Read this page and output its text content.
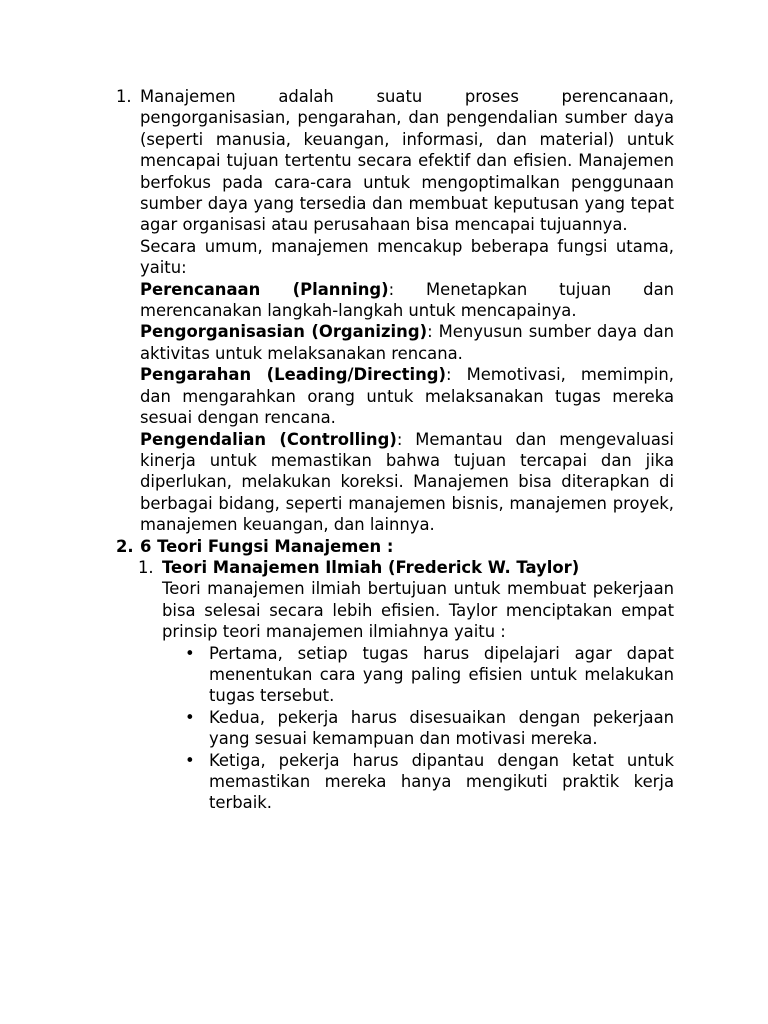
1. Manajemen adalah suatu proses perencanaan, pengorganisasian, pengarahan, dan pengendalian sumber daya (seperti manusia, keuangan, informasi, dan material) untuk mencapai tujuan tertentu secara efektif dan efisien. Manajemen berfokus pada cara-cara untuk mengoptimalkan penggunaan sumber daya yang tersedia dan membuat keputusan yang tepat agar organisasi atau perusahaan bisa mencapai tujuannya.

Secara umum, manajemen mencakup beberapa fungsi utama, yaitu:

Perencanaan (Planning): Menetapkan tujuan dan merencanakan langkah-langkah untuk mencapainya.

Pengorganisasian (Organizing): Menyusun sumber daya dan aktivitas untuk melaksanakan rencana.

Pengarahan (Leading/Directing): Memotivasi, memimpin, dan mengarahkan orang untuk melaksanakan tugas mereka sesuai dengan rencana.

Pengendalian (Controlling): Memantau dan mengevaluasi kinerja untuk memastikan bahwa tujuan tercapai dan jika diperlukan, melakukan koreksi. Manajemen bisa diterapkan di berbagai bidang, seperti manajemen bisnis, manajemen proyek, manajemen keuangan, dan lainnya.

2. 6 Teori Fungsi Manajemen :

1. Teori Manajemen Ilmiah (Frederick W. Taylor)

Teori manajemen ilmiah bertujuan untuk membuat pekerjaan bisa selesai secara lebih efisien. Taylor menciptakan empat prinsip teori manajemen ilmiahnya yaitu :

• Pertama, setiap tugas harus dipelajari agar dapat menentukan cara yang paling efisien untuk melakukan tugas tersebut.

• Kedua, pekerja harus disesuaikan dengan pekerjaan yang sesuai kemampuan dan motivasi mereka.

• Ketiga, pekerja harus dipantau dengan ketat untuk memastikan mereka hanya mengikuti praktik kerja terbaik.
